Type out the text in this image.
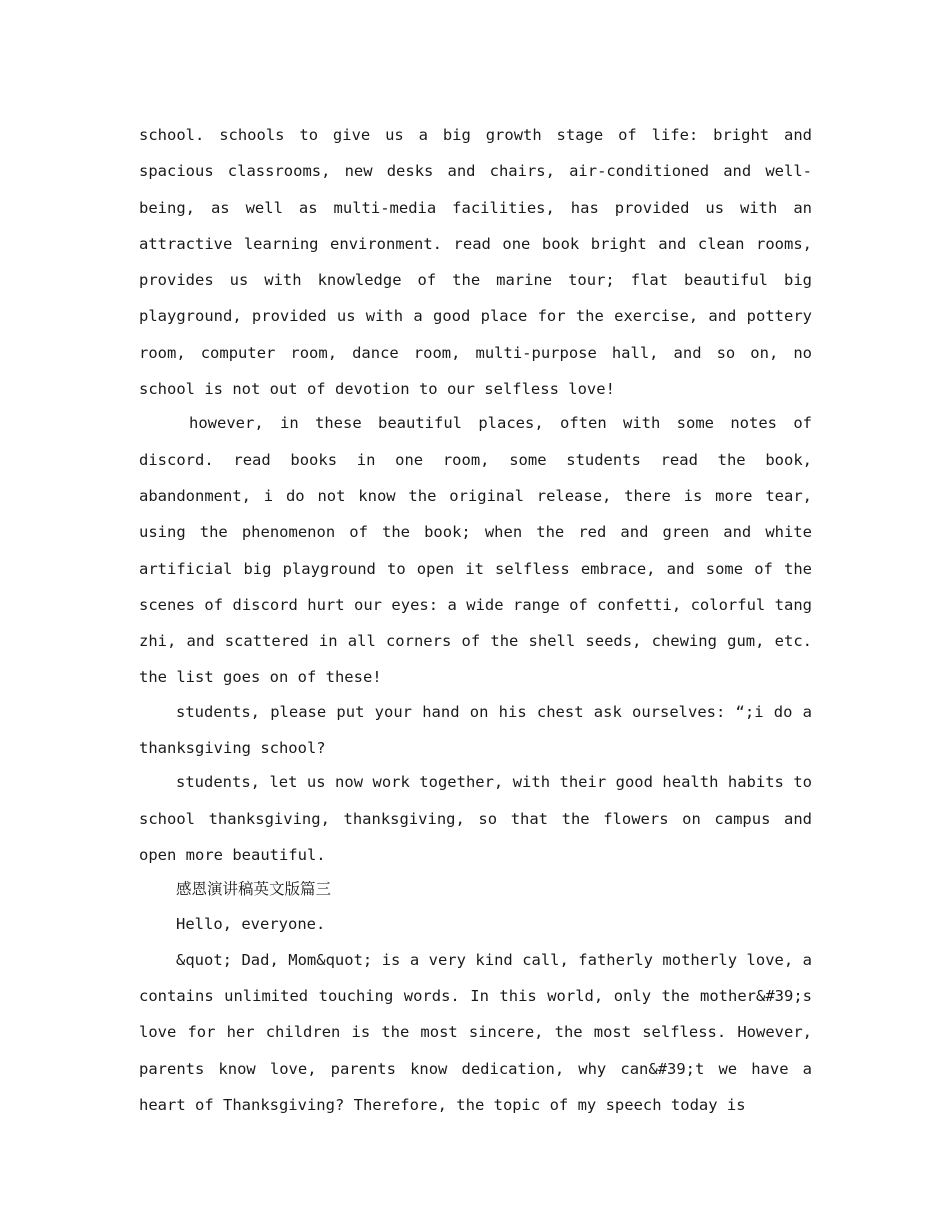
school. schools to give us a big growth stage of life: bright and spacious classrooms, new desks and chairs, air-conditioned and well-being, as well as multi-media facilities, has provided us with an attractive learning environment. read one book bright and clean rooms, provides us with knowledge of the marine tour; flat beautiful big playground, provided us with a good place for the exercise, and pottery room, computer room, dance room, multi-purpose hall, and so on, no school is not out of devotion to our selfless love!

however, in these beautiful places, often with some notes of discord. read books in one room, some students read the book, abandonment, i do not know the original release, there is more tear, using the phenomenon of the book; when the red and green and white artificial big playground to open it selfless embrace, and some of the scenes of discord hurt our eyes: a wide range of confetti, colorful tang zhi, and scattered in all corners of the shell seeds, chewing gum, etc. the list goes on of these!

students, please put your hand on his chest ask ourselves: “;i do a thanksgiving school?

students, let us now work together, with their good health habits to school thanksgiving, thanksgiving, so that the flowers on campus and open more beautiful.

感恩演讲稿英文版篇三

Hello, everyone.

&quot; Dad, Mom&quot; is a very kind call, fatherly motherly love, a contains unlimited touching words. In this world, only the mother&#39;s love for her children is the most sincere, the most selfless. However, parents know love, parents know dedication, why can&#39;t we have a heart of Thanksgiving? Therefore, the topic of my speech today is
